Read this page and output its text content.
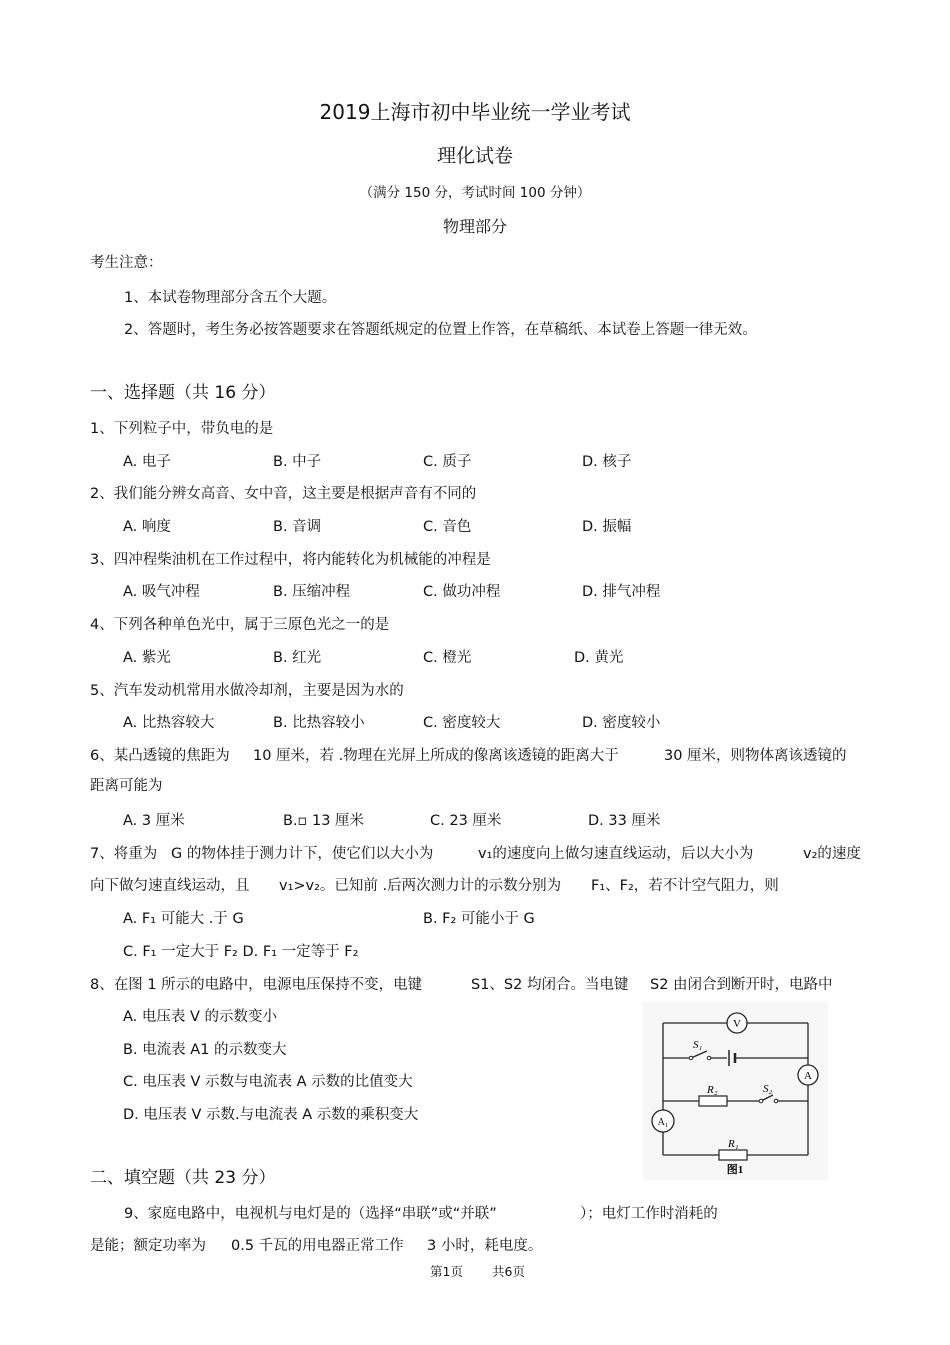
2019上海市初中毕业统一学业考试
理化试卷
（满分 150 分，考试时间 100 分钟）
物理部分
考生注意：
1、本试卷物理部分含五个大题。
2、答题时，考生务必按答题要求在答题纸规定的位置上作答，在草稿纸、本试卷上答题一律无效。
一、选择题（共 16 分）
1、下列粒子中，带负电的是
A. 电子	B. 中子	C. 质子	D. 核子
2、我们能分辨女高音、女中音，这主要是根据声音有不同的
A. 响度	B. 音调	C. 音色	D. 振幅
3、四冲程柴油机在工作过程中，将内能转化为机械能的冲程是
A. 吸气冲程	B. 压缩冲程	C. 做功冲程	D. 排气冲程
4、下列各种单色光中，属于三原色光之一的是
A. 紫光	B. 红光	C. 橙光	D. 黄光
5、汽车发动机常用水做冷却剂，主要是因为水的
A. 比热容较大	B. 比热容较小	C. 密度较大	D. 密度较小
6、某凸透镜的焦距为 10 厘米，若 .物理在光屏上所成的像离该透镜的距离大于	30 厘米，则物体离该透镜的
距离可能为
A. 3 厘米	B.▫ 13 厘米	C. 23 厘米	D. 33 厘米
7、将重为 G 的物体挂于测力计下，使它们以大小为	v₁的速度向上做匀速直线运动，后以大小为	v₂的速度
向下做匀速直线运动，且 v₁>v₂。已知前 .后两次测力计的示数分别为 F₁、F₂，若不计空气阻力，则
A. F₁ 可能大 .于 G	B. F₂ 可能小于 G
C. F₁ 一定大于 F₂ D. F₁ 一定等于 F₂
8、在图 1 所示的电路中，电源电压保持不变，电键	S1、S2 均闭合。当电键 S2 由闭合到断开时，电路中
A. 电压表 V 的示数变小
B. 电流表 A1 的示数变大
C. 电压表 V 示数与电流表 A 示数的比值变大
D. 电压表 V 示数.与电流表 A 示数的乘积变大
V
S₁
R₂	S₂
A
A₁
R₁
图1
二、填空题（共 23 分）
9、家庭电路中，电视机与电灯是的（选择“串联”或“并联”	）；电灯工作时消耗的
是能；额定功率为 0.5 千瓦的用电器正常工作 3 小时，耗电度。
第1页 共6页
